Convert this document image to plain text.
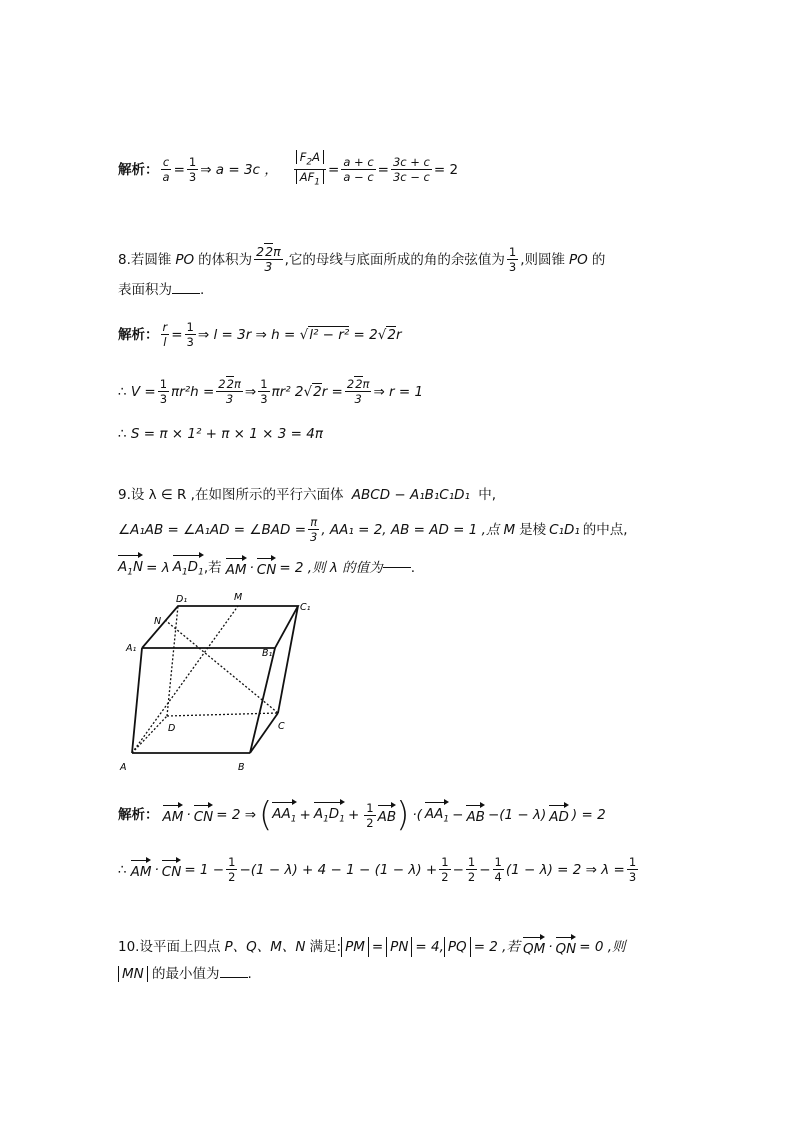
解析： $\frac{c}{a} = \frac{1}{3}$ ⇒ a = 3c ， $\frac{F_2A}{AF_1} = \frac{a + c}{a - c} = \frac{3c + c}{3c - c} = 2$
8.若圆锥 PO 的体积为 $\frac{22\pi}{3}$ ,它的母线与底面所成的角的余弦值为 $\frac{1}{3}$ ,则圆锥 PO 的
表面积为 .
解析： $\frac{r}{l} = \frac{1}{3}$ ⇒ l = 3r ⇒ h = √l² − r² = 2√2r
∴ $V = \frac{1}{3} \pi r^2h = \frac{22\pi}{3}$ ⇒ $\frac{1}{3} \pi r^2$ $2√2r = \frac{22\pi}{3}$ ⇒ r = 1
∴ S = π × 1² + π × 1 × 3 = 4π
9.设 λ ∈ R ,在如图所示的平行六面体 ABCD − A₁B₁C₁D₁ 中,
∠A₁AB = ∠A₁AD = ∠BAD = $\frac{\pi}{3}$ , AA₁ = 2, AB = AD = 1 ,点 M 是棱 C₁D₁ 的中点,
$A_1N = \lambda$ $A_1D_1$ ,若 AM · CN = 2 ,则 λ 的值为 .
D₁	M
C₁
N
A₁	B₁
D	C
A	B
解析： AM · CN = 2 ⇒ ( $AA_1 + A_1D_1 + \frac{1}{2}$ AB ) ·( $AA_1$ − AB −(1 − λ) AD ) = 2
∴ AM · CN = $1 - \frac{1}{2} -(1 - \lambda) + 4 - 1 - (1 - \lambda) + \frac{1}{2} - \frac{1}{2} - \frac{1}{4} (1 - \lambda) = 2$ ⇒ $\lambda = \frac{1}{3}$
10.设平面上四点 P、Q、M、N 满足: PM = PN = 4, PQ = 2 ,若 QM · QN = 0 ,则
MN 的最小值为 .
